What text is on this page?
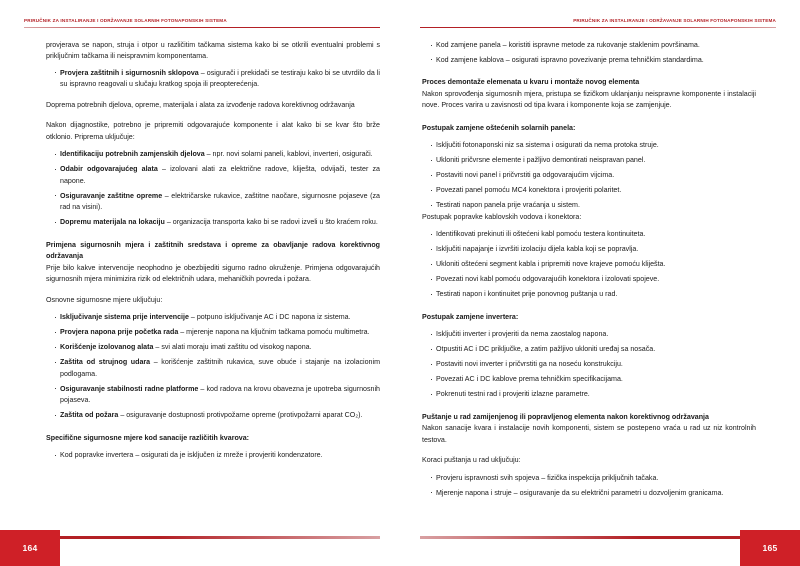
PRIRUČNIK ZA INSTALIRANJE I ODRŽAVANJE SOLARNIH FOTONAPONSKIH SISTEMA

provjerava se napon, struja i otpor u različitim tačkama sistema kako bi se otkrili eventualni problemi s priključnim tačkama ili neispravnim komponentama.

· Provjera zaštitnih i sigurnosnih sklopova – osigurači i prekidači se testiraju kako bi se utvrdilo da li su ispravno reagovali u slučaju kratkog spoja ili preopterećenja.

Doprema potrebnih djelova, opreme, materijala i alata za izvođenje radova korektivnog održavanja

Nakon dijagnostike, potrebno je pripremiti odgovarajuće komponente i alat kako bi se kvar što brže otklonio. Priprema uključuje:

· Identifikaciju potrebnih zamjenskih djelova – npr. novi solarni paneli, kablovi, inverteri, osigurači.
· Odabir odgovarajućeg alata – izolovani alati za električne radove, kliješta, odvijači, tester za napone.
· Osiguravanje zaštitne opreme – električarske rukavice, zaštitne naočare, sigurnosne pojaseve (za rad na visini).
· Dopremu materijala na lokaciju – organizacija transporta kako bi se radovi izveli u što kraćem roku.

Primjena sigurnosnih mjera i zaštitnih sredstava i opreme za obavljanje radova korektivnog održavanja

Prije bilo kakve intervencije neophodno je obezbijediti sigurno radno okruženje. Primjena odgovarajućih sigurnosnih mjera minimizira rizik od električnih udara, mehaničkih povreda i požara.

Osnovne sigurnosne mjere uključuju:

· Isključivanje sistema prije intervencije – potpuno isključivanje AC i DC napona iz sistema.
· Provjera napona prije početka rada – mjerenje napona na ključnim tačkama pomoću multimetra.
· Korišćenje izolovanog alata – svi alati moraju imati zaštitu od visokog napona.
· Zaštita od strujnog udara – korišćenje zaštitnih rukavica, suve obuće i stajanje na izolacionim podlogama.
· Osiguravanje stabilnosti radne platforme – kod radova na krovu obavezna je upotreba sigurnosnih pojaseva.
· Zaštita od požara – osiguravanje dostupnosti protivpožarne opreme (protivpožarni aparat CO₂).

Specifične sigurnosne mjere kod sanacije različitih kvarova:

· Kod popravke invertera – osigurati da je isključen iz mreže i provjeriti kondenzatore.
164
PRIRUČNIK ZA INSTALIRANJE I ODRŽAVANJE SOLARNIH FOTONAPONSKIH SISTEMA
· Kod zamjene panela – koristiti ispravne metode za rukovanje staklenim površinama.
· Kod zamjene kablova – osigurati ispravno povezivanje prema tehničkim standardima.

Proces demontaže elemenata u kvaru i montaže novog elementa

Nakon sprovođenja sigurnosnih mjera, pristupa se fizičkom uklanjanju neispravne komponente i instalaciji nove. Proces varira u zavisnosti od tipa kvara i komponente koja se zamjenjuje.

Postupak zamjene oštećenih solarnih panela:

· Isključiti fotonaponski niz sa sistema i osigurati da nema protoka struje.
· Ukloniti pričvrsne elemente i pažljivo demontirati neispravan panel.
· Postaviti novi panel i pričvrstiti ga odgovarajućim vijcima.
· Povezati panel pomoću MC4 konektora i provjeriti polaritet.
· Testirati napon panela prije vraćanja u sistem.

Postupak popravke kablovskih vodova i konektora:

· Identifikovati prekinuti ili oštećeni kabl pomoću testera kontinuiteta.
· Isključiti napajanje i izvršiti izolaciju dijela kabla koji se popravlja.
· Ukloniti oštećeni segment kabla i pripremiti nove krajeve pomoću kliješta.
· Povezati novi kabl pomoću odgovarajućih konektora i izolovati spojeve.
· Testirati napon i kontinuitet prije ponovnog puštanja u rad.

Postupak zamjene invertera:

· Isključiti inverter i provjeriti da nema zaostalog napona.
· Otpustiti AC i DC priključke, a zatim pažljivo ukloniti uređaj sa nosača.
· Postaviti novi inverter i pričvrstiti ga na noseću konstrukciju.
· Povezati AC i DC kablove prema tehničkim specifikacijama.
· Pokrenuti testni rad i provjeriti izlazne parametre.

Puštanje u rad zamijenjenog ili popravljenog elementa nakon korektivnog održavanja

Nakon sanacije kvara i instalacije novih komponenti, sistem se postepeno vraća u rad uz niz kontrolnih testova.

Koraci puštanja u rad uključuju:

· Provjeru ispravnosti svih spojeva – fizička inspekcija priključnih tačaka.
· Mjerenje napona i struje – osiguravanje da su električni parametri u dozvoljenim granicama.
165
